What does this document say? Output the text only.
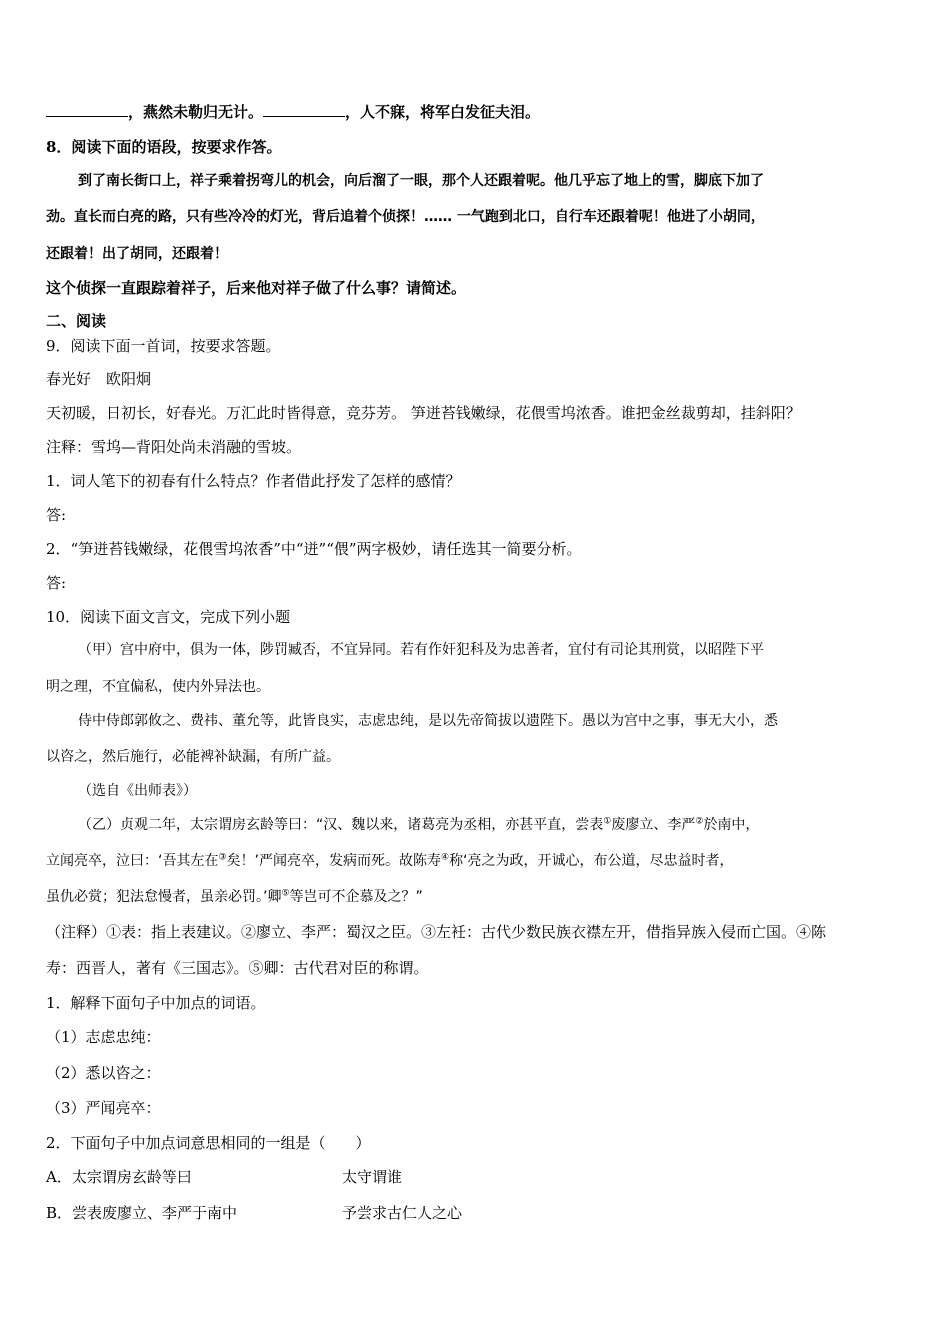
，燕然未勒归无计。	，人不寐，将军白发征夫泪。
8．阅读下面的语段，按要求作答。
到了南长街口上，祥子乘着拐弯儿的机会，向后溜了一眼，那个人还跟着呢。他几乎忘了地上的雪，脚底下加了
劲。直长而白亮的路，只有些冷冷的灯光，背后追着个侦探！…… 一气跑到北口，自行车还跟着呢！他进了小胡同，
还跟着！出了胡同，还跟着！
这个侦探一直跟踪着祥子，后来他对祥子做了什么事？请简述。
二、阅读
9．阅读下面一首词，按要求答题。
春光好　欧阳炯
天初暖，日初长，好春光。万汇此时皆得意，竞芬芳。 笋迸苔钱嫩绿，花偎雪坞浓香。谁把金丝裁剪却，挂斜阳？
注释：雪坞—背阳处尚未消融的雪坡。
1．词人笔下的初春有什么特点？作者借此抒发了怎样的感情？
答:
2．“笋迸苔钱嫩绿，花偎雪坞浓香”中“迸”“偎”两字极妙，请任选其一简要分析。
答:
10．阅读下面文言文，完成下列小题
（甲）宫中府中，俱为一体，陟罚臧否，不宜异同。若有作奸犯科及为忠善者，宜付有司论其刑赏，以昭陛下平
明之理，不宜偏私，使内外异法也。
侍中侍郎郭攸之、费祎、董允等，此皆良实，志虑忠纯，是以先帝简拔以遗陛下。愚以为宫中之事，事无大小，悉
以咨之，然后施行，必能裨补缺漏，有所广益。
（选自《出师表》）
（乙）贞观二年，太宗谓房玄龄等曰：“汉、魏以来，诸葛亮为丞相，亦甚平直，尝表①废廖立、李严②於南中，
立闻亮卒，泣曰：‘吾其左在③矣！’严闻亮卒，发病而死。故陈寿④称‘亮之为政，开诚心，布公道，尽忠益时者，
虽仇必赏；犯法怠慢者，虽亲必罚。’卿⑤等岂可不企慕及之？”
（注释）①表：指上表建议。②廖立、李严：蜀汉之臣。③左衽：古代少数民族衣襟左开，借指异族入侵而亡国。④陈
寿：西晋人，著有《三国志》。⑤卿：古代君对臣的称谓。
1．解释下面句子中加点的词语。
（1）志虑忠纯：
（2）悉以咨之：
（3）严闻亮卒：
2．下面句子中加点词意思相同的一组是（　　）
A．太宗谓房玄龄等曰	太守谓谁
B．尝表废廖立、李严于南中	予尝求古仁人之心
